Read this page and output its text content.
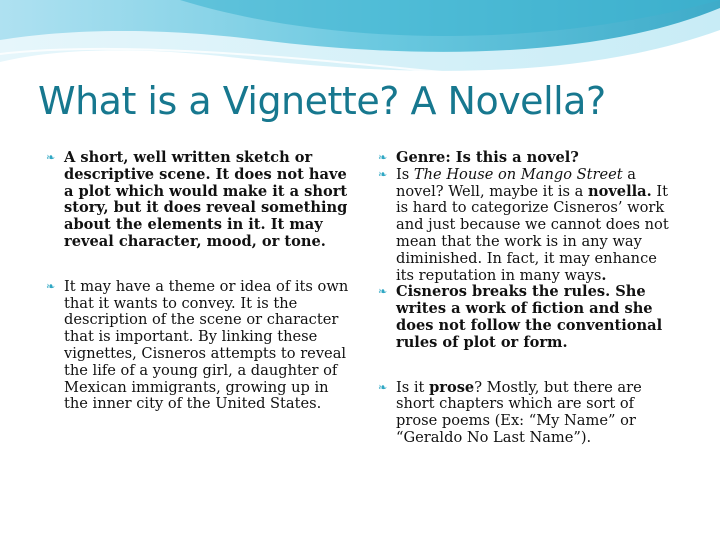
What is a Vignette? A Novella?
❧ A short, well written sketch or descriptive scene. It does not have a plot which would make it a short story, but it does reveal something about the elements in it. It may reveal character, mood, or tone.
❧ It may have a theme or idea of its own that it wants to convey. It is the description of the scene or character that is important. By linking these vignettes, Cisneros attempts to reveal the life of a young girl, a daughter of Mexican immigrants, growing up in the inner city of the United States.
❧ Genre: Is this a novel?
❧ Is The House on Mango Street a novel? Well, maybe it is a novella. It is hard to categorize Cisneros’ work and just because we cannot does not mean that the work is in any way diminished. In fact, it may enhance its reputation in many ways.
❧ Cisneros breaks the rules. She writes a work of fiction and she does not follow the conventional rules of plot or form.
❧ Is it prose? Mostly, but there are short chapters which are sort of prose poems (Ex: “My Name” or “Geraldo No Last Name”).
